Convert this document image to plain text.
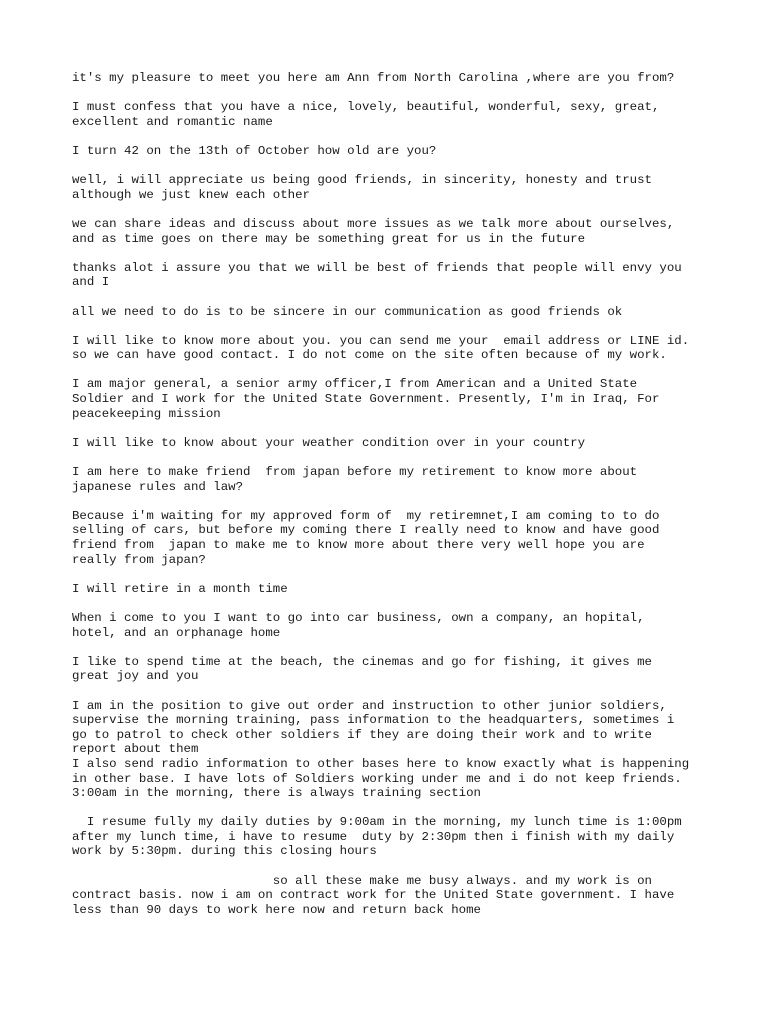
it's my pleasure to meet you here am Ann from North Carolina ,where are you from?

I must confess that you have a nice, lovely, beautiful, wonderful, sexy, great,
excellent and romantic name

I turn 42 on the 13th of October how old are you?

well, i will appreciate us being good friends, in sincerity, honesty and trust
although we just knew each other

we can share ideas and discuss about more issues as we talk more about ourselves,
and as time goes on there may be something great for us in the future

thanks alot i assure you that we will be best of friends that people will envy you
and I

all we need to do is to be sincere in our communication as good friends ok

I will like to know more about you. you can send me your  email address or LINE id.
so we can have good contact. I do not come on the site often because of my work.

I am major general, a senior army officer,I from American and a United State
Soldier and I work for the United State Government. Presently, I'm in Iraq, For
peacekeeping mission

I will like to know about your weather condition over in your country

I am here to make friend  from japan before my retirement to know more about
japanese rules and law?

Because i'm waiting for my approved form of  my retiremnet,I am coming to to do
selling of cars, but before my coming there I really need to know and have good
friend from  japan to make me to know more about there very well hope you are
really from japan?

I will retire in a month time

When i come to you I want to go into car business, own a company, an hopital,
hotel, and an orphanage home

I like to spend time at the beach, the cinemas and go for fishing, it gives me
great joy and you

I am in the position to give out order and instruction to other junior soldiers,
supervise the morning training, pass information to the headquarters, sometimes i
go to patrol to check other soldiers if they are doing their work and to write
report about them

I also send radio information to other bases here to know exactly what is happening
in other base. I have lots of Soldiers working under me and i do not keep friends.
3:00am in the morning, there is always training section

I resume fully my daily duties by 9:00am in the morning, my lunch time is 1:00pm
after my lunch time, i have to resume  duty by 2:30pm then i finish with my daily
work by 5:30pm. during this closing hours

so all these make me busy always. and my work is on
contract basis. now i am on contract work for the United State government. I have
less than 90 days to work here now and return back home
